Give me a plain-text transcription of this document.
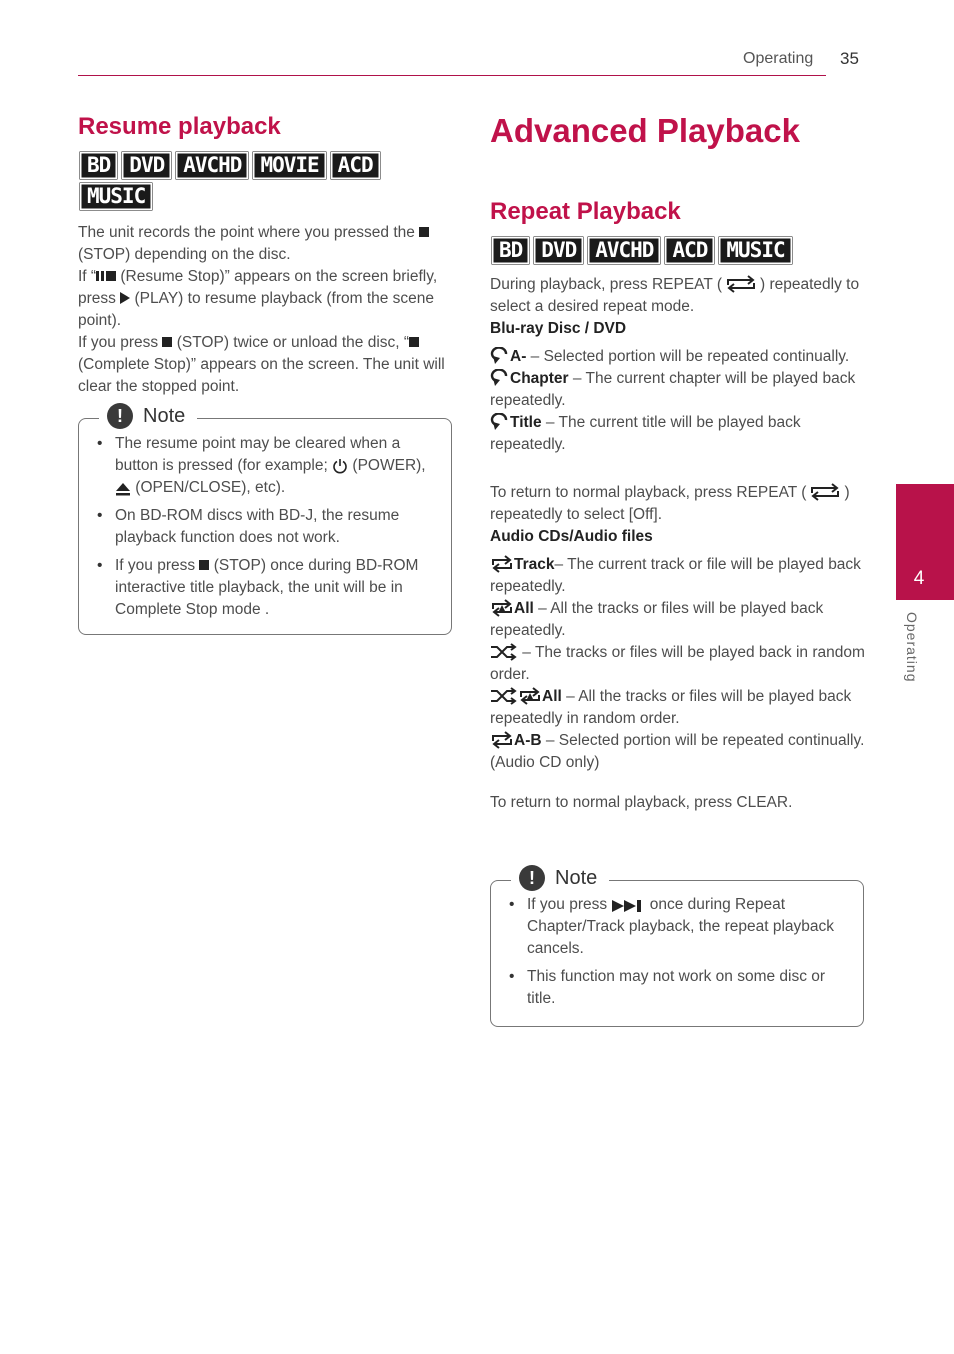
Operating 35
4
Operating
Resume playback
BD DVD AVCHD MOVIE ACD
MUSIC

The unit records the point where you pressed the  (STOP) depending on the disc.

If “ (Resume Stop)” appears on the screen briefly, press  (PLAY) to resume playback (from the scene point).

If you press  (STOP) twice or unload the disc, “(Complete Stop)” appears on the screen. The unit will clear the stopped point.

!	Note
• The resume point may be cleared when a button is pressed (for example;
(POWER),
(OPEN/CLOSE), etc).
• On BD-ROM discs with BD-J, the resume playback function does not work.
• If you press  (STOP) once during BD-ROM interactive title playback, the unit will be in Complete Stop mode .
Advanced Playback
Repeat Playback
BD DVD AVCHD ACD MUSIC

During playback, press REPEAT ( ) repeatedly to select a desired repeat mode.

Blu-ray Disc / DVD

A- – Selected portion will be repeated continually.

Chapter – The current chapter will be played back repeatedly.

Title – The current title will be played back repeatedly.

To return to normal playback, press REPEAT ( ) repeatedly to select [Off].

Audio CDs/Audio files

Track– The current track or file will be played back repeatedly.

All – All the tracks or files will be played back repeatedly.

– The tracks or files will be played back in random order.

All – All the tracks or files will be played back repeatedly in random order.

A-B – Selected portion will be repeated continually. (Audio CD only)

To return to normal playback, press CLEAR.

!	Note
• If you press
once during Repeat Chapter/Track playback, the repeat playback cancels.
• This function may not work on some disc or title.
